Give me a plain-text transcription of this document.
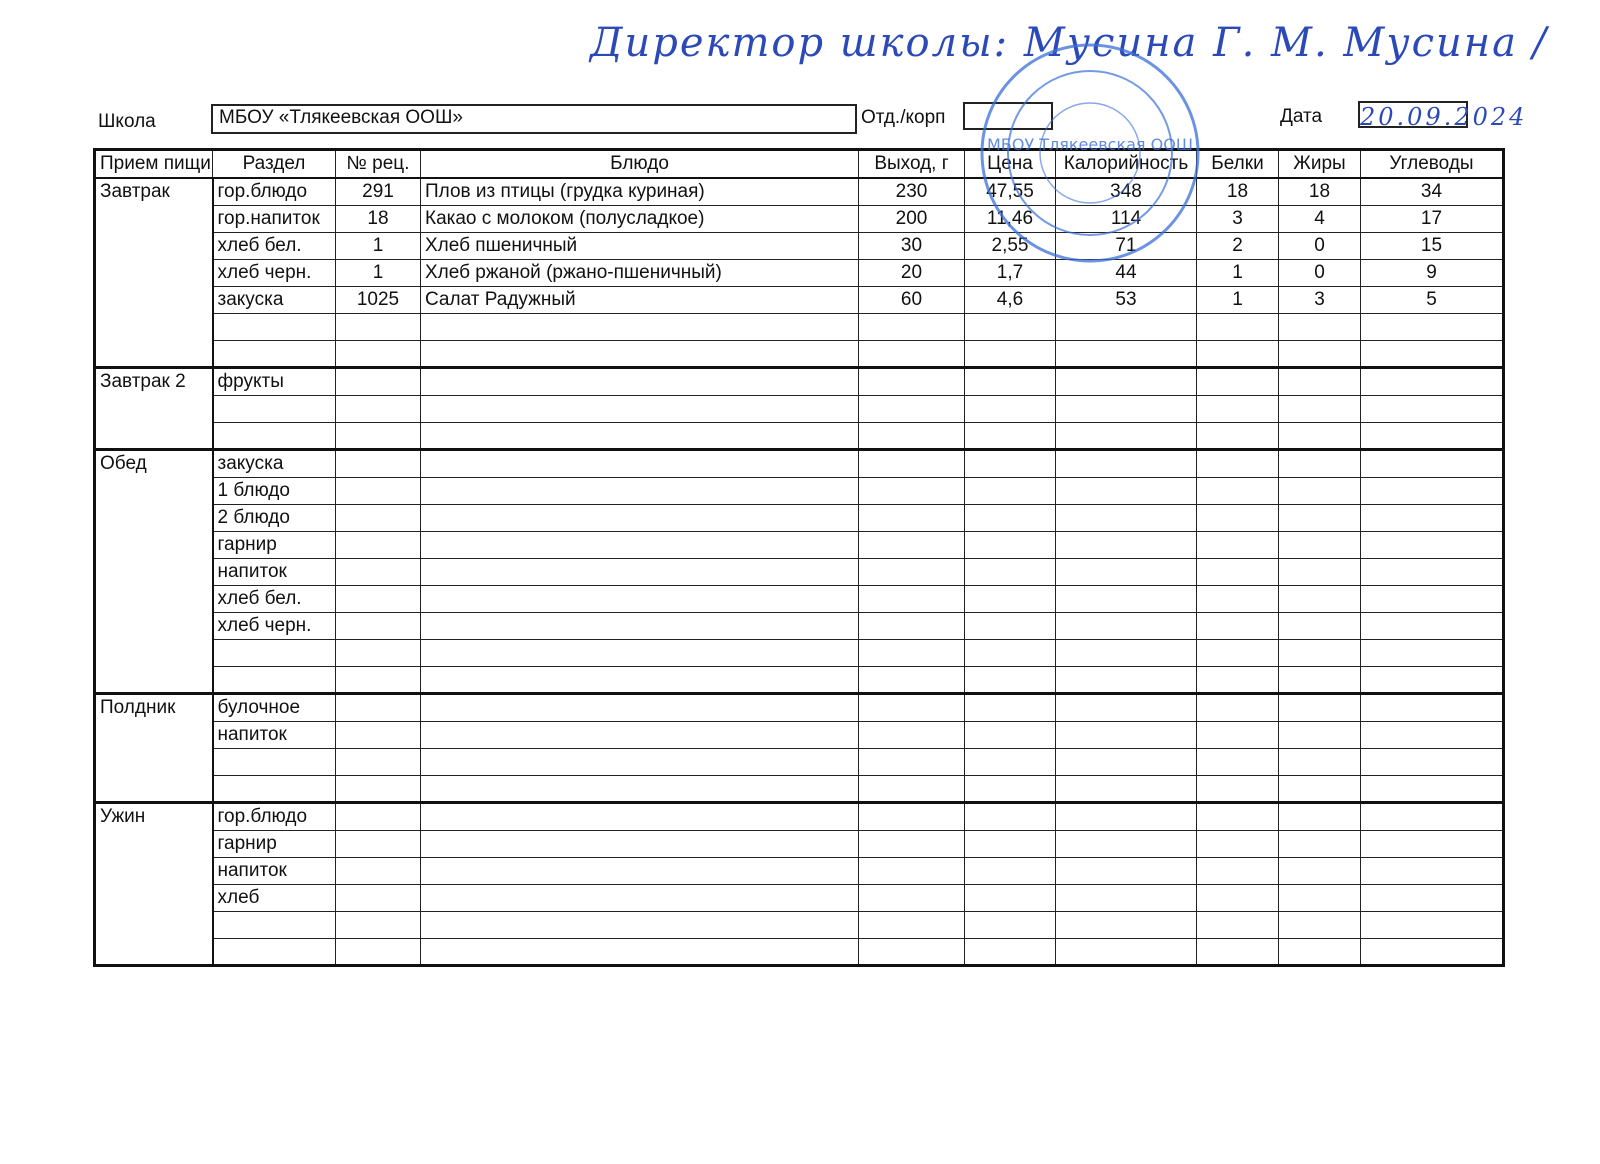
Директор школы: Мусина Г. М. Мусина /
Школа	МБОУ «Тлякеевская ООШ»	Отд./корп	Дата 20.09.2024
Прием пищи	Раздел	№ рец.	Блюдо	Выход, г	Цена	Калорийность	Белки	Жиры	Углеводы
Завтрак	гор.блюдо	291	Плов из птицы (грудка куриная)	230	47,55	348	18	18	34
	гор.напиток	18	Какао с молоком (полусладкое)	200	11,46	114	3	4	17
	хлеб бел.	1	Хлеб пшеничный	30	2,55	71	2	0	15
	хлеб черн.	1	Хлеб ржаной (ржано-пшеничный)	20	1,7	44	1	0	9
	закуска	1025	Салат Радужный	60	4,6	53	1	3	5

Завтрак 2	фрукты								

Обед	закуска								
	1 блюдо								
	2 блюдо								
	гарнир								
	напиток								
	хлеб бел.								
	хлеб черн.								

Полдник	булочное								
	напиток								

Ужин	гор.блюдо								
	гарнир								
	напиток								
	хлеб								

МБОУ Тлякеевская ООШ
